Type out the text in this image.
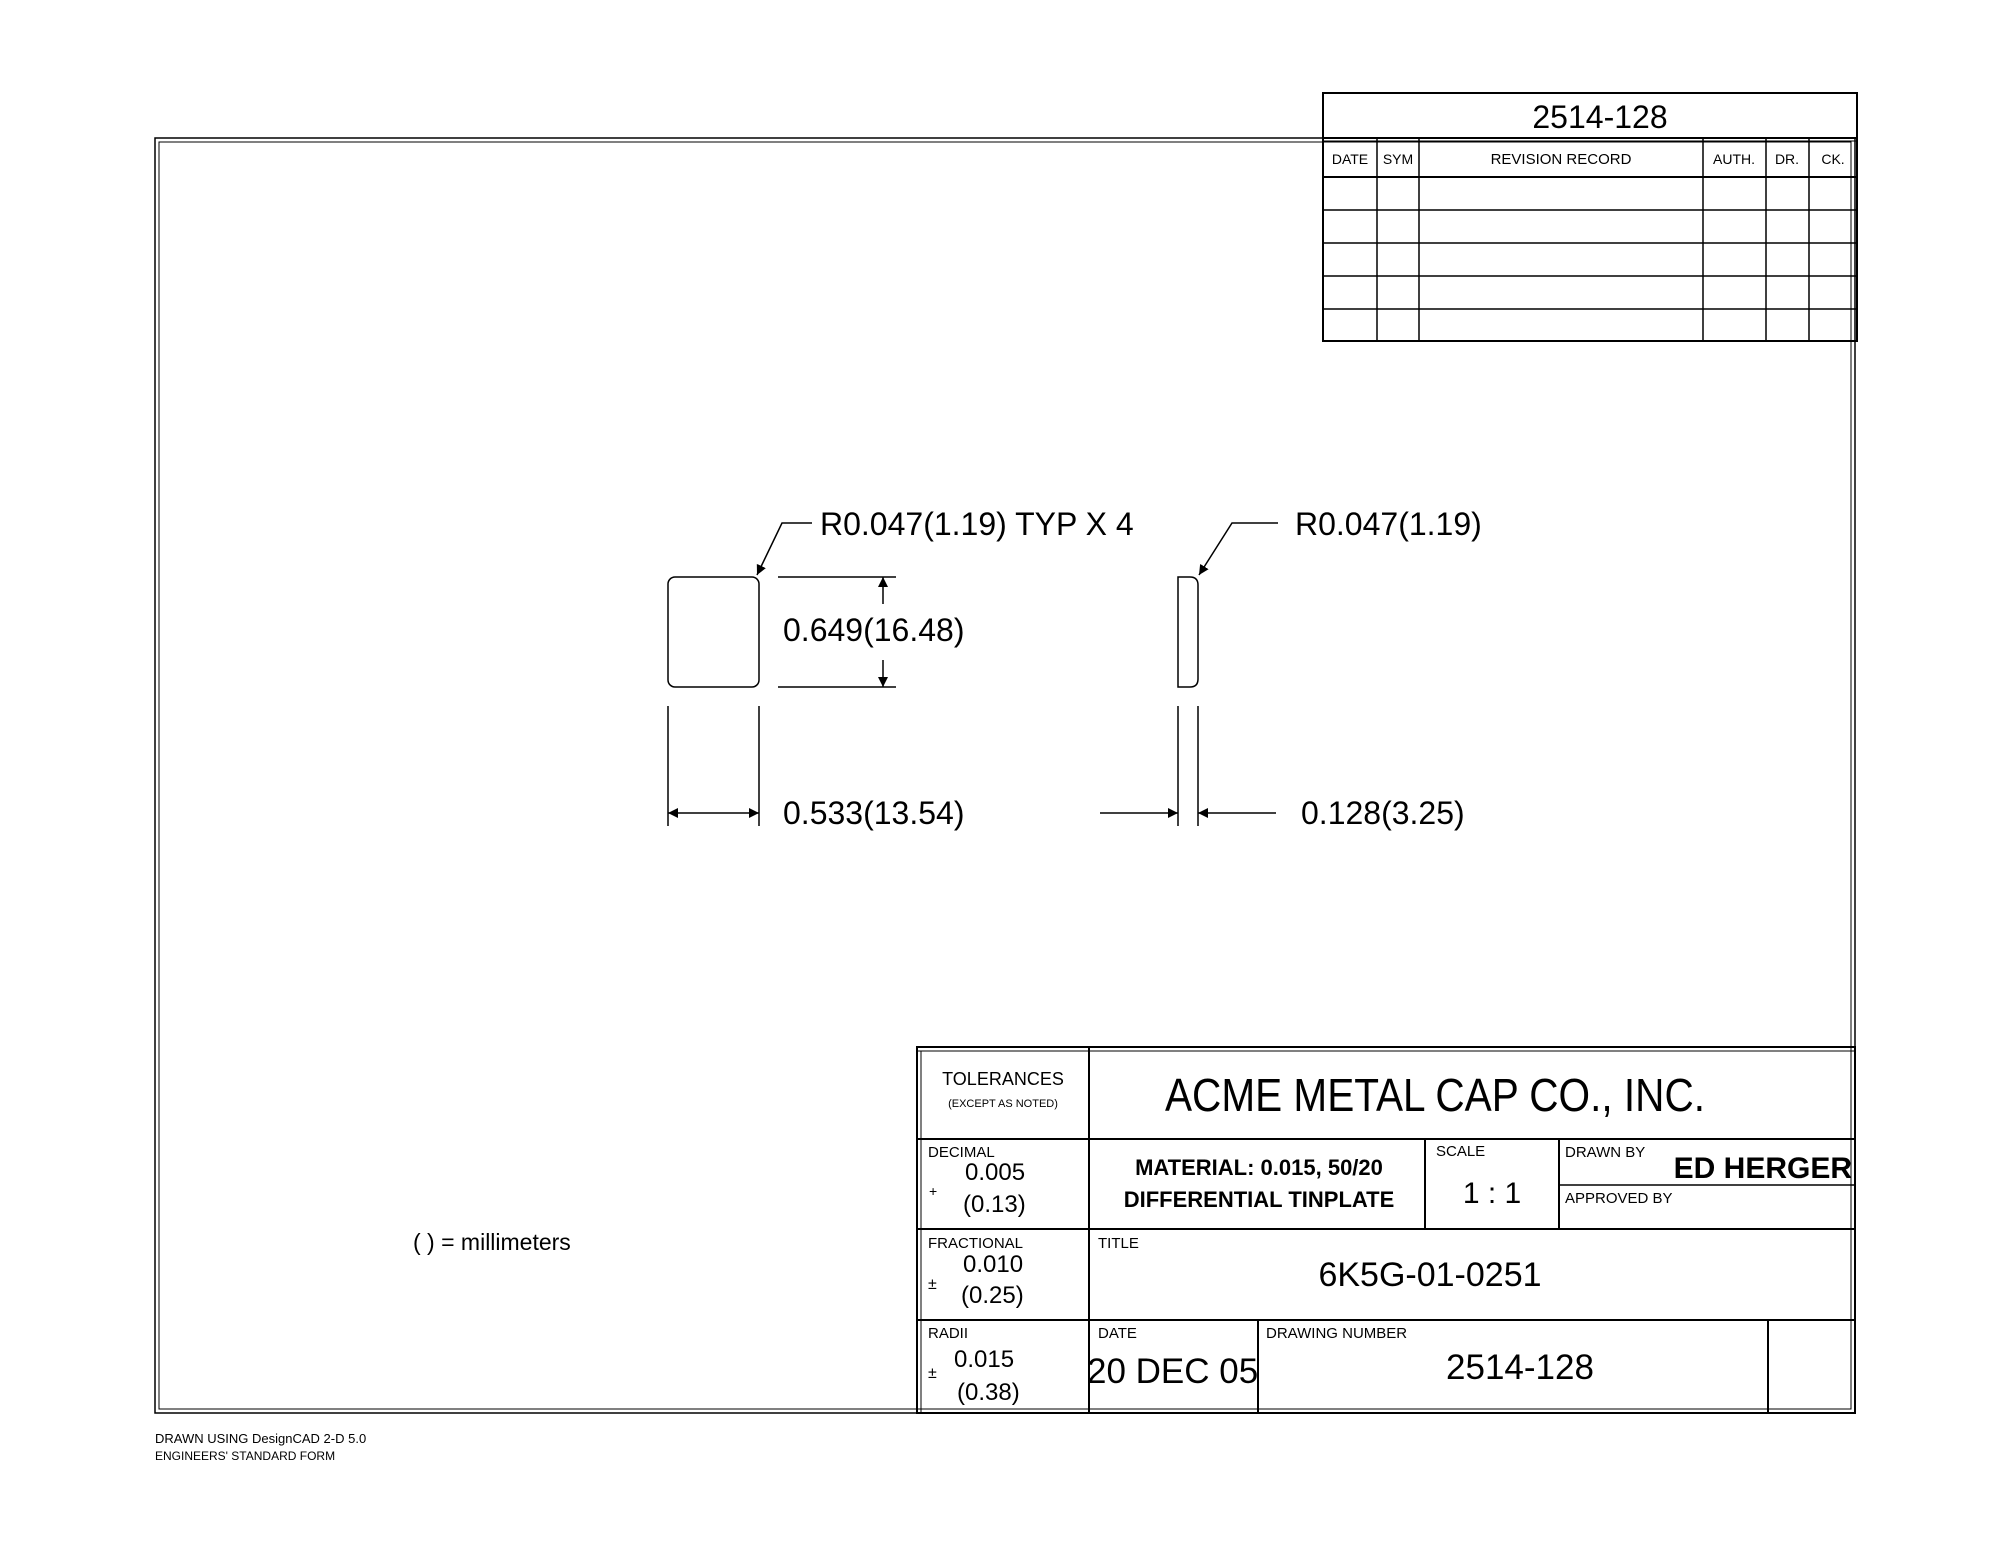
2514-128
DATE SYM	REVISION RECORD	AUTH. DR. CK.
R0.047(1.19) TYP X 4
0.649(16.48)
0.533(13.54)
R0.047(1.19)
0.128(3.25)
( ) = millimeters
TOLERANCES
(EXCEPT AS NOTED) ACME METAL CAP CO., INC.
DECIMAL
+
0.005
(0.13)
FRACTIONAL
±
0.010
(0.25)
RADII
±
0.015
(0.38)
MATERIAL: 0.015, 50/20
DIFFERENTIAL TINPLATE
SCALE
1 : 1
DRAWN BY ED HERGER
APPROVED BY
TITLE
6K5G-01-0251
DATE
20 DEC 05
DRAWING NUMBER
2514-128
DRAWN USING DesignCAD 2-D 5.0
ENGINEERS' STANDARD FORM
